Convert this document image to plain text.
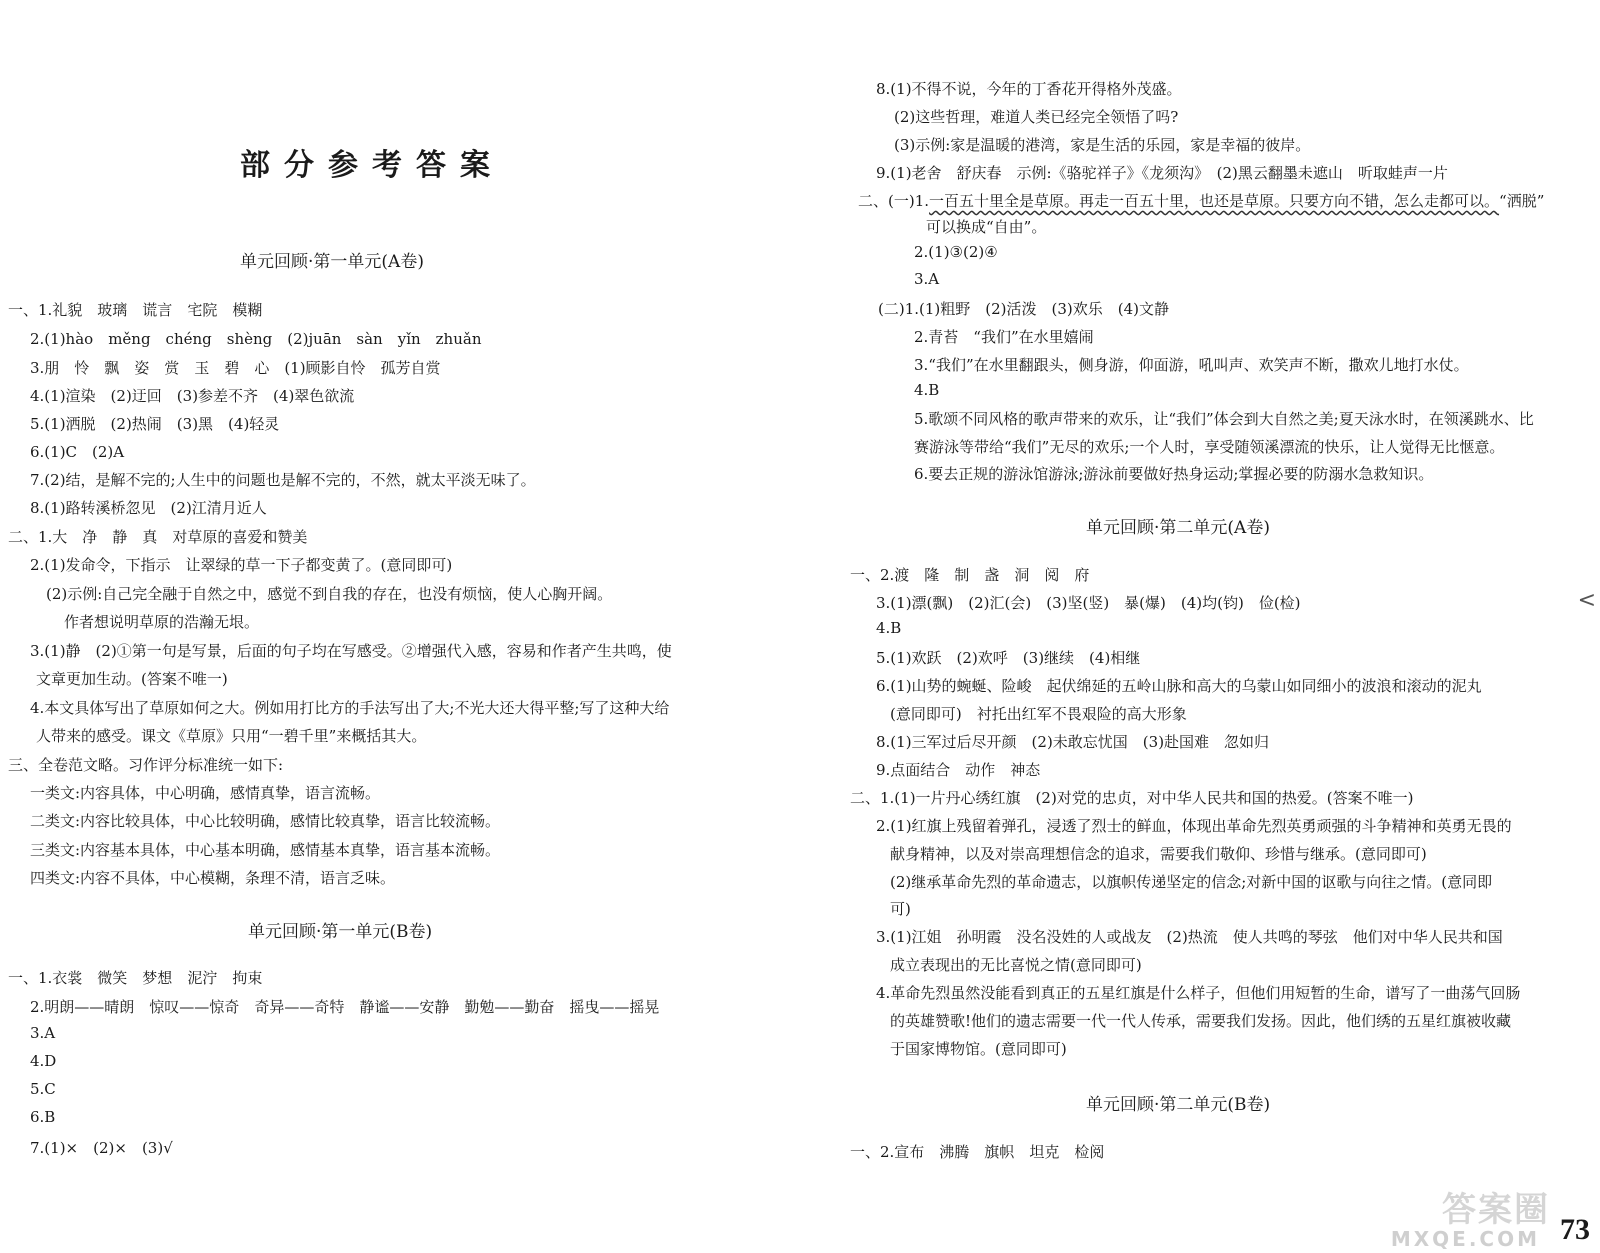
部分参考答案
单元回顾·第一单元(A卷)
一、1.礼貌　玻璃　谎言　宅院　模糊
2.(1)hào　měng　chéng　shèng　(2)juān　sàn　yǐn　zhuǎn
3.朋　怜　飘　姿　赏　玉　碧　心　(1)顾影自怜　孤芳自赏
4.(1)渲染　(2)迂回　(3)参差不齐　(4)翠色欲流
5.(1)洒脱　(2)热闹　(3)黑　(4)轻灵
6.(1)C　(2)A
7.(2)结，是解不完的;人生中的问题也是解不完的，不然，就太平淡无味了。
8.(1)路转溪桥忽见　(2)江清月近人
二、1.大　净　静　真　对草原的喜爱和赞美
2.(1)发命令，下指示　让翠绿的草一下子都变黄了。(意同即可)
(2)示例:自己完全融于自然之中，感觉不到自我的存在，也没有烦恼，使人心胸开阔。
作者想说明草原的浩瀚无垠。
3.(1)静　(2)①第一句是写景，后面的句子均在写感受。②增强代入感，容易和作者产生共鸣，使
文章更加生动。(答案不唯一)
4.本文具体写出了草原如何之大。例如用打比方的手法写出了大;不光大还大得平整;写了这种大给
人带来的感受。课文《草原》只用“一碧千里”来概括其大。
三、全卷范文略。习作评分标准统一如下:
一类文:内容具体，中心明确，感情真挚，语言流畅。
二类文:内容比较具体，中心比较明确，感情比较真挚，语言比较流畅。
三类文:内容基本具体，中心基本明确，感情基本真挚，语言基本流畅。
四类文:内容不具体，中心模糊，条理不清，语言乏味。
单元回顾·第一单元(B卷)
一、1.衣裳　微笑　梦想　泥泞　拘束
2.明朗——晴朗　惊叹——惊奇　奇异——奇特　静谧——安静　勤勉——勤奋　摇曳——摇晃
3.A
4.D
5.C
6.B
7.(1)×　(2)×　(3)√
8.(1)不得不说，今年的丁香花开得格外茂盛。
(2)这些哲理，难道人类已经完全领悟了吗?
(3)示例:家是温暖的港湾，家是生活的乐园，家是幸福的彼岸。
9.(1)老舍　舒庆春　示例:《骆驼祥子》《龙须沟》　(2)黑云翻墨未遮山　听取蛙声一片
二、(一)1.一百五十里全是草原。再走一百五十里，也还是草原。只要方向不错，怎么走都可以。“洒脱”
可以换成“自由”。
2.(1)③(2)④
3.A
(二)1.(1)粗野　(2)活泼　(3)欢乐　(4)文静
2.青苔　“我们”在水里嬉闹
3.“我们”在水里翻跟头，侧身游，仰面游，吼叫声、欢笑声不断，撒欢儿地打水仗。
4.B
5.歌颂不同风格的歌声带来的欢乐，让“我们”体会到大自然之美;夏天泳水时，在领溪跳水、比
赛游泳等带给“我们”无尽的欢乐;一个人时，享受随领溪漂流的快乐，让人觉得无比惬意。
6.要去正规的游泳馆游泳;游泳前要做好热身运动;掌握必要的防溺水急救知识。
单元回顾·第二单元(A卷)
一、2.渡　隆　制　盏　洞　阅　府
3.(1)漂(飘)　(2)汇(会)　(3)坚(竖)　暴(爆)　(4)均(钧)　俭(检)
4.B
5.(1)欢跃　(2)欢呼　(3)继续　(4)相继
6.(1)山势的蜿蜒、险峻　起伏绵延的五岭山脉和高大的乌蒙山如同细小的波浪和滚动的泥丸
(意同即可)　衬托出红军不畏艰险的高大形象
8.(1)三军过后尽开颜　(2)未敢忘忧国　(3)赴国难　忽如归
9.点面结合　动作　神态
二、1.(1)一片丹心绣红旗　(2)对党的忠贞，对中华人民共和国的热爱。(答案不唯一)
2.(1)红旗上残留着弹孔，浸透了烈士的鲜血，体现出革命先烈英勇顽强的斗争精神和英勇无畏的
献身精神，以及对崇高理想信念的追求，需要我们敬仰、珍惜与继承。(意同即可)
(2)继承革命先烈的革命遗志，以旗帜传递坚定的信念;对新中国的讴歌与向往之情。(意同即
可)
3.(1)江姐　孙明霞　没名没姓的人或战友　(2)热流　使人共鸣的琴弦　他们对中华人民共和国
成立表现出的无比喜悦之情(意同即可)
4.革命先烈虽然没能看到真正的五星红旗是什么样子，但他们用短暂的生命，谱写了一曲荡气回肠
的英雄赞歌!他们的遗志需要一代一代人传承，需要我们发扬。因此，他们绣的五星红旗被收藏
于国家博物馆。(意同即可)
单元回顾·第二单元(B卷)
一、2.宣布　沸腾　旗帜　坦克　检阅
<
答案圈
MXQE.COM 73
